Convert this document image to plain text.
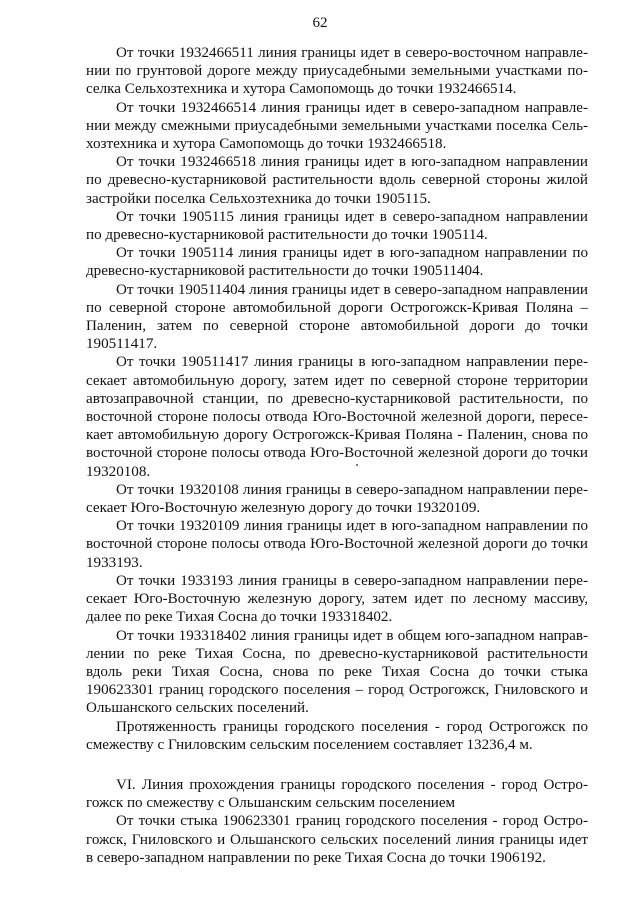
62

От точки 1932466511 линия границы идет в северо-восточном направлении по грунтовой дороге между приусадебными земельными участками поселка Сельхозтехника и хутора Самопомощь до точки 1932466514.

От точки 1932466514 линия границы идет в северо-западном направлении между смежными приусадебными земельными участками поселка Сельхозтехника и хутора Самопомощь до точки 1932466518.

От точки 1932466518 линия границы идет в юго-западном направлении по древесно-кустарниковой растительности вдоль северной стороны жилой застройки поселка Сельхозтехника до точки 1905115.

От точки 1905115 линия границы идет в северо-западном направлении по древесно-кустарниковой растительности до точки 1905114.

От точки 1905114 линия границы идет в юго-западном направлении по древесно-кустарниковой растительности до точки 190511404.

От точки 190511404 линия границы идет в северо-западном направлении по северной стороне автомобильной дороги Острогожск-Кривая Поляна – Паленин, затем по северной стороне автомобильной дороги до точки 190511417.

От точки 190511417 линия границы в юго-западном направлении пересекает автомобильную дорогу, затем идет по северной стороне территории автозаправочной станции, по древесно-кустарниковой растительности, по восточной стороне полосы отвода Юго-Восточной железной дороги, пересекает автомобильную дорогу Острогожск-Кривая Поляна - Паленин, снова по восточной стороне полосы отвода Юго-Восточной железной дороги до точки 19320108.

От точки 19320108 линия границы в северо-западном направлении пересекает Юго-Восточную железную дорогу до точки 19320109.

От точки 19320109 линия границы идет в юго-западном направлении по восточной стороне полосы отвода Юго-Восточной железной дороги до точки 1933193.

От точки 1933193 линия границы в северо-западном направлении пересекает Юго-Восточную железную дорогу, затем идет по лесному массиву, далее по реке Тихая Сосна до точки 193318402.

От точки 193318402 линия границы идет в общем юго-западном направлении по реке Тихая Сосна, по древесно-кустарниковой растительности вдоль реки Тихая Сосна, снова по реке Тихая Сосна до точки стыка 190623301 границ городского поселения – город Острогожск, Гниловского и Ольшанского сельских поселений.

Протяженность границы городского поселения - город Острогожск по смежеству с Гниловским сельским поселением составляет 13236,4 м.

VI. Линия прохождения границы городского поселения - город Острогожск по смежеству с Ольшанским сельским поселением

От точки стыка 190623301 границ городского поселения - город Острогожск, Гниловского и Ольшанского сельских поселений линия границы идет в северо-западном направлении по реке Тихая Сосна до точки 1906192.
